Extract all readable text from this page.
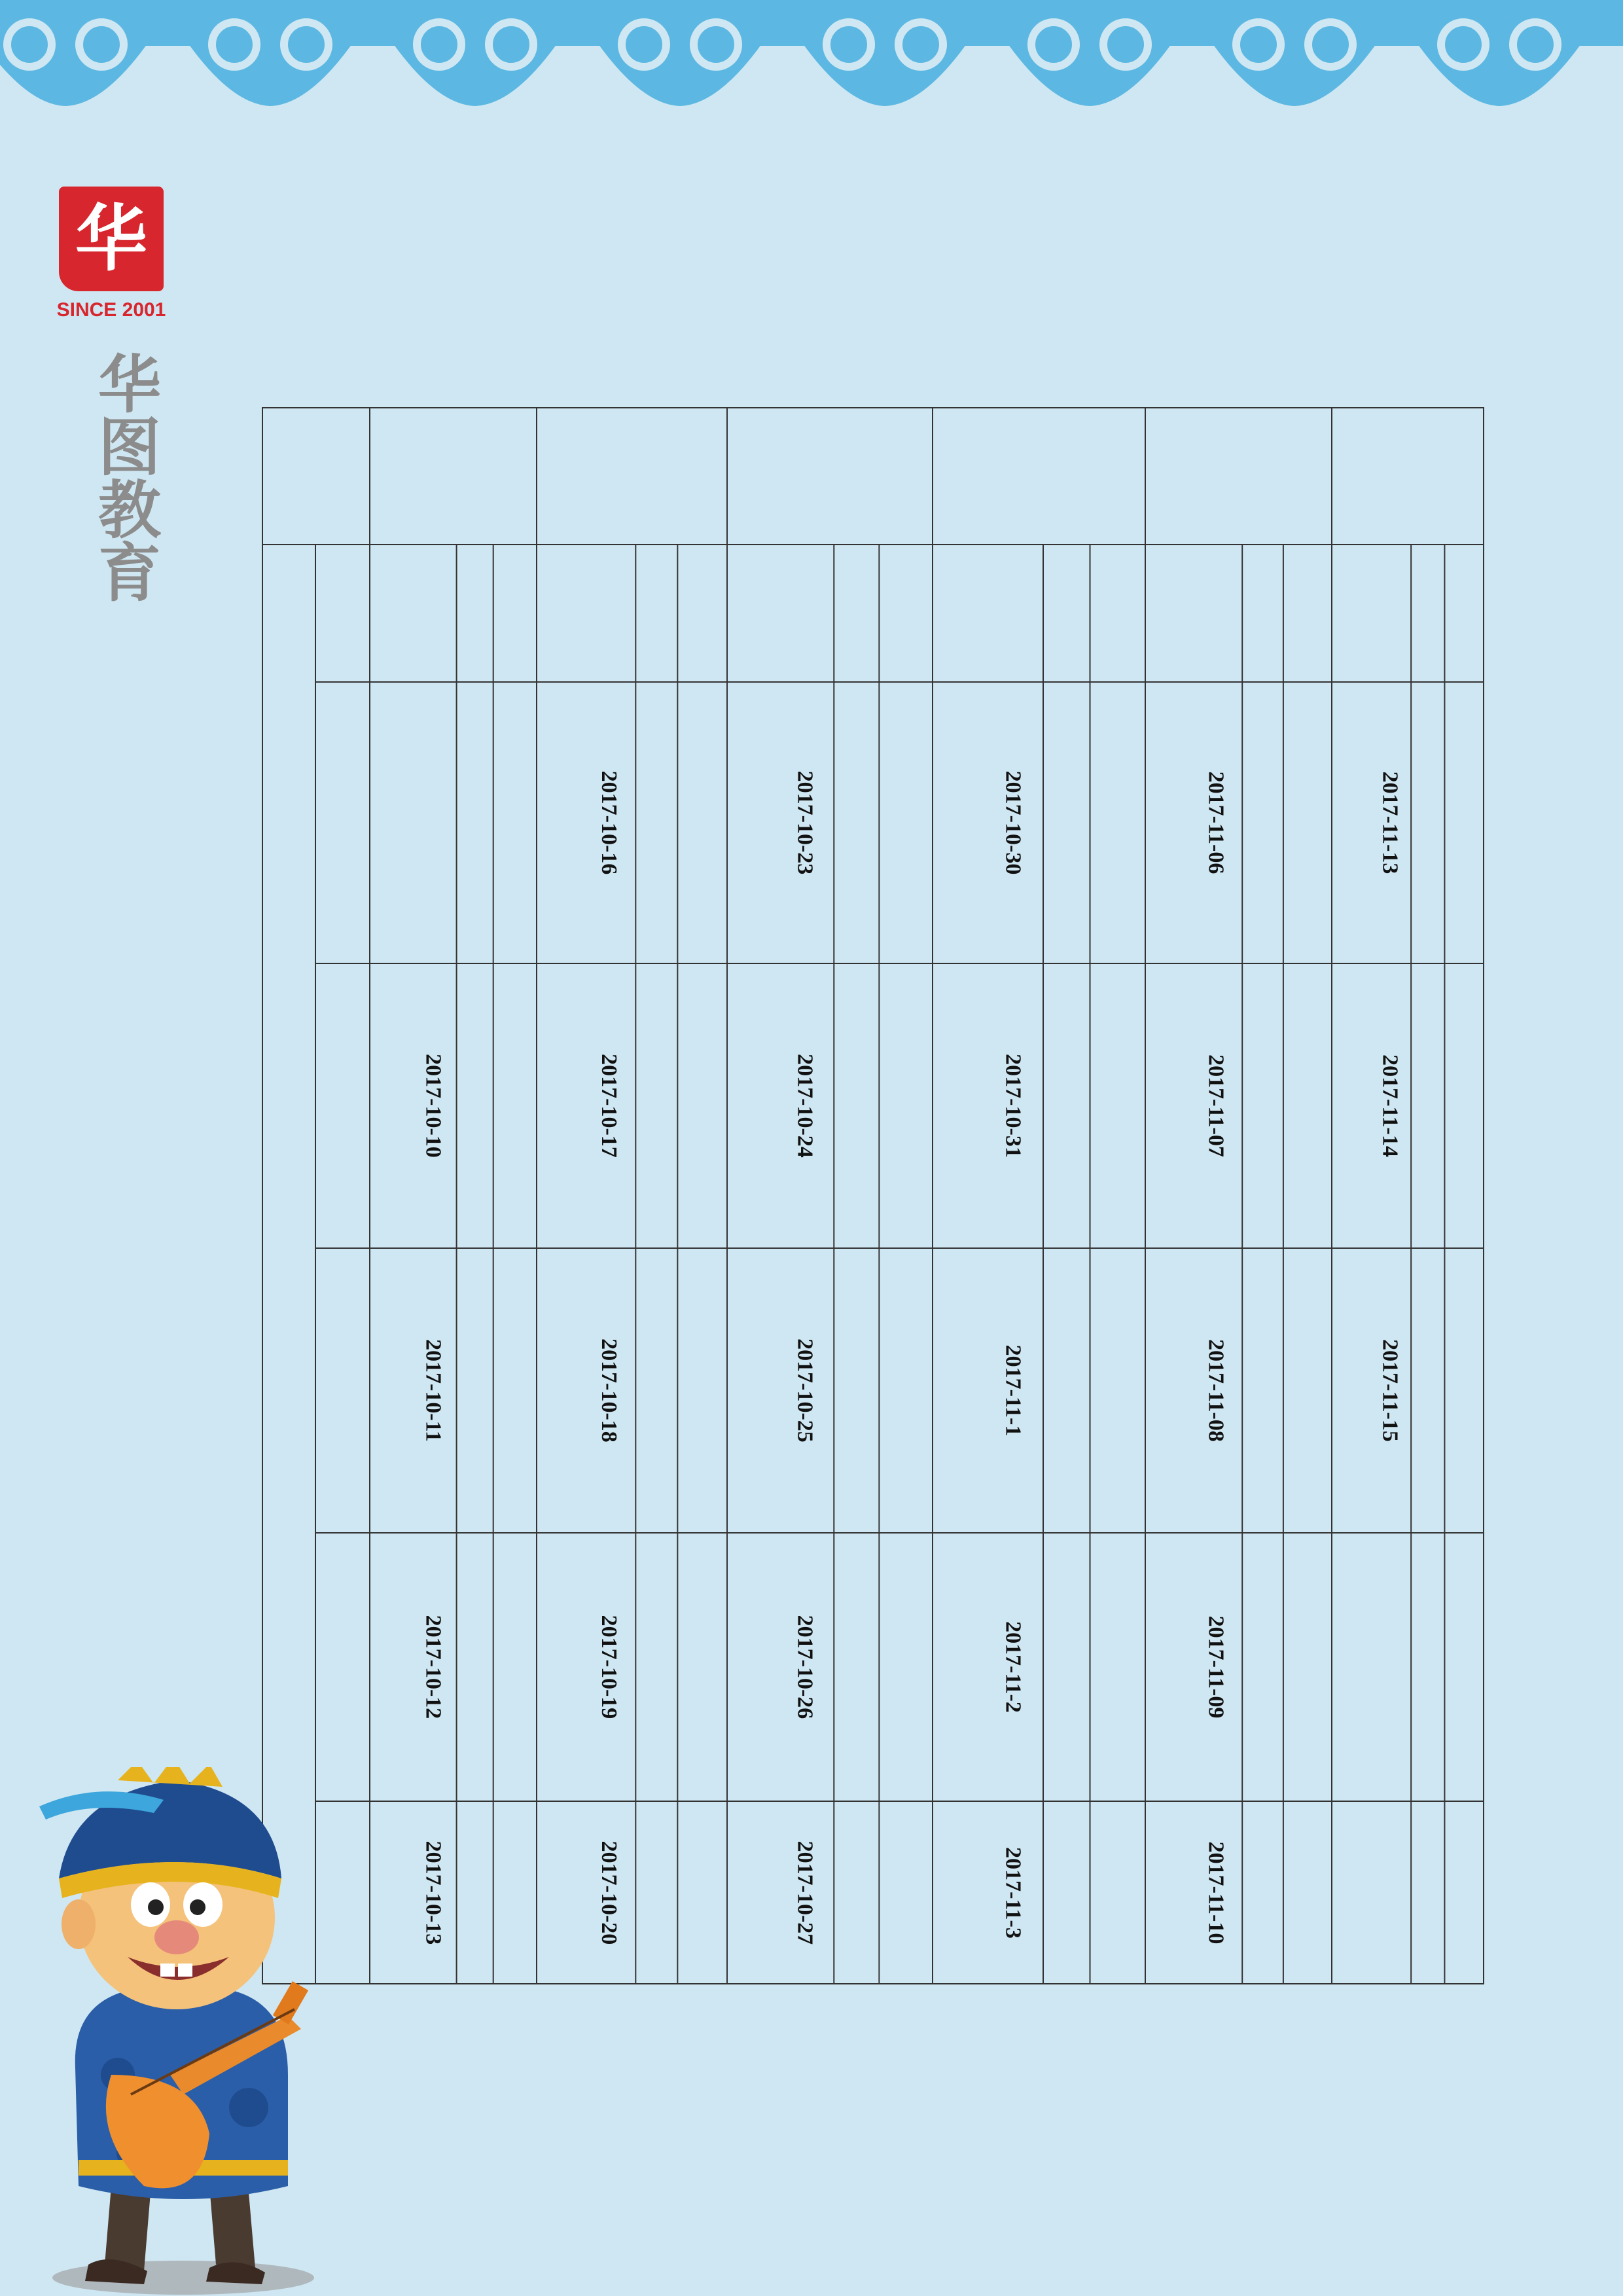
华
SINCE 2001
华图教育
2017-11-13
2017-11-14
2017-11-15
2017-11-06
2017-11-07
2017-11-08
2017-11-09
2017-11-10
2017-10-30
2017-10-31
2017-11-1
2017-11-2
2017-11-3
2017-10-23
2017-10-24
2017-10-25
2017-10-26
2017-10-27
2017-10-16
2017-10-17
2017-10-18
2017-10-19
2017-10-20
2017-10-10
2017-10-11
2017-10-12
2017-10-13
